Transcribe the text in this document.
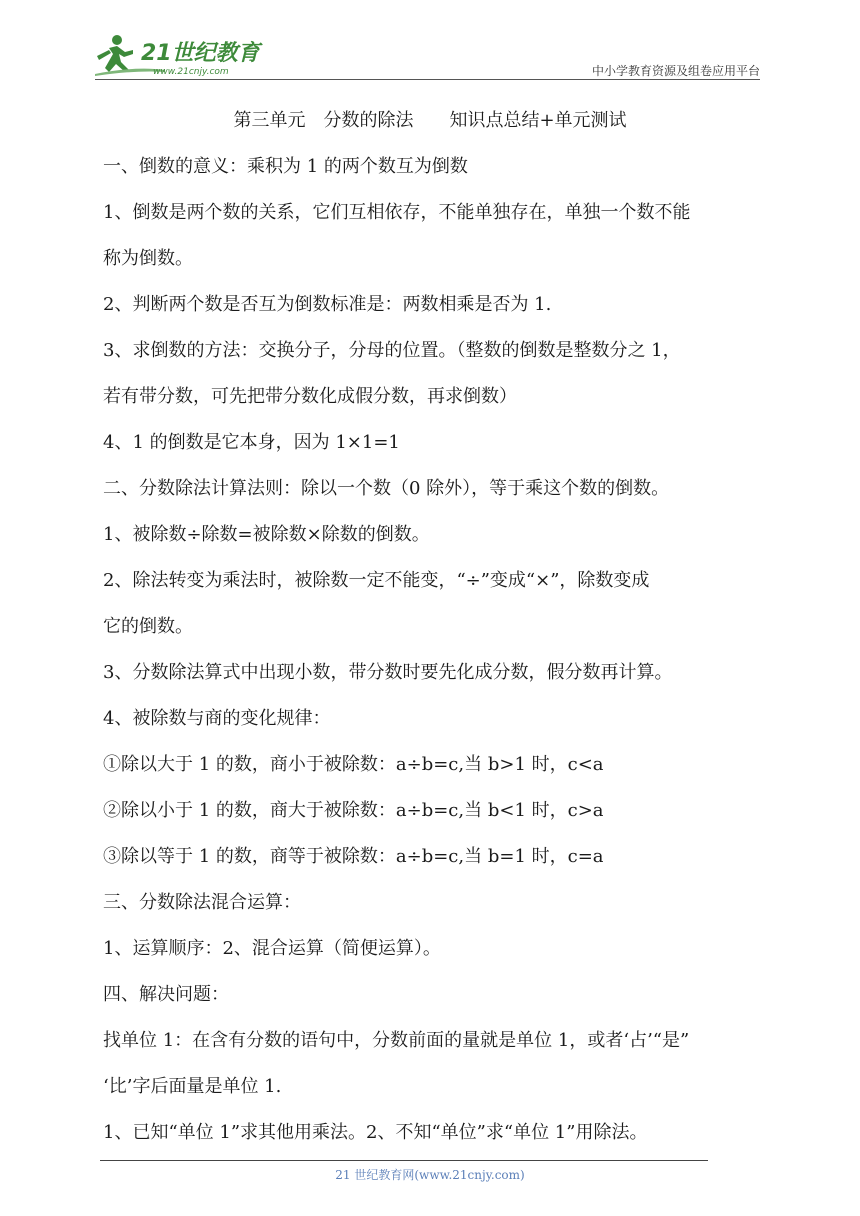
21世纪教育
www.21cnjy.com	中小学教育资源及组卷应用平台
第三单元　分数的除法　　知识点总结+单元测试
一、倒数的意义：乘积为 1 的两个数互为倒数
1、倒数是两个数的关系，它们互相依存，不能单独存在，单独一个数不能
称为倒数。
2、判断两个数是否互为倒数标准是：两数相乘是否为 1.
3、求倒数的方法：交换分子，分母的位置。（整数的倒数是整数分之 1，
若有带分数，可先把带分数化成假分数，再求倒数）
4、1 的倒数是它本身，因为 1×1=1
二、分数除法计算法则：除以一个数（0 除外），等于乘这个数的倒数。
1、被除数÷除数=被除数×除数的倒数。
2、除法转变为乘法时，被除数一定不能变，“÷”变成“×”，除数变成
它的倒数。
3、分数除法算式中出现小数，带分数时要先化成分数，假分数再计算。
4、被除数与商的变化规律：
①除以大于 1 的数，商小于被除数：a÷b=c,当 b>1 时，c<a
②除以小于 1 的数，商大于被除数：a÷b=c,当 b<1 时，c>a
③除以等于 1 的数，商等于被除数：a÷b=c,当 b=1 时，c=a
三、分数除法混合运算：
1、运算顺序：2、混合运算（简便运算）。
四、解决问题：
找单位 1：在含有分数的语句中，分数前面的量就是单位 1，或者‘占’“是”
‘比’字后面量是单位 1.
1、已知“单位 1”求其他用乘法。2、不知“单位”求“单位 1”用除法。
21 世纪教育网(www.21cnjy.com)
